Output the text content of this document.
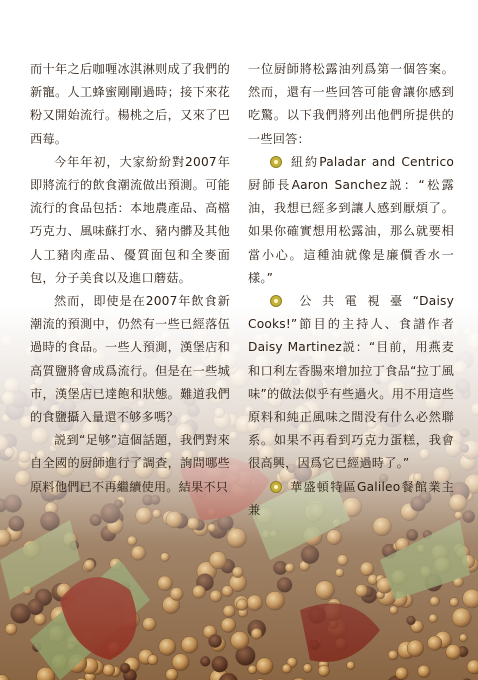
而十年之后咖喱冰淇淋则成了我們的新寵。人工蜂蜜剛剛過時；接下來花粉又開始流行。楊桃之后，又來了巴西莓。

今年年初，大家紛紛對2007年即將流行的飲食潮流做出預測。可能流行的食品包括：本地農產品、高檔巧克力、風味蘇打水、豬内髒及其他人工豬肉產品、優質面包和全麥面包，分子美食以及進口蘑菇。

然而，即使是在2007年飲食新潮流的預測中，仍然有一些已經落伍過時的食品。一些人預測，漢堡店和高質鹽將會成爲流行。但是在一些城市，漢堡店已達飽和狀態。難道我們的食鹽攝入量還不够多嗎？

説到“足够”這個話題，我們對來自全國的厨師進行了調查，詢問哪些原料他們已不再繼續使用。結果不只

一位厨師將松露油列爲第一個答案。然而，還有一些回答可能會讓你感到吃驚。以下我們將列出他們所提供的一些回答：

紐約Paladar and Centrico厨師長Aaron Sanchez説：“松露油，我想已經多到讓人感到厭煩了。如果你確實想用松露油，那么就要相當小心。這種油就像是廉價香水一樣。”

公共電視臺“Daisy Cooks!”節目的主持人、食譜作者Daisy Martinez説：“目前，用燕麦和口利左香腸來增加拉丁食品“拉丁風味”的做法似乎有些過火。用不用這些原料和純正風味之間没有什么必然聯系。如果不再看到巧克力蛋糕，我會很高興，因爲它已經過時了。”

華盛頓特區Galileo餐館業主兼
